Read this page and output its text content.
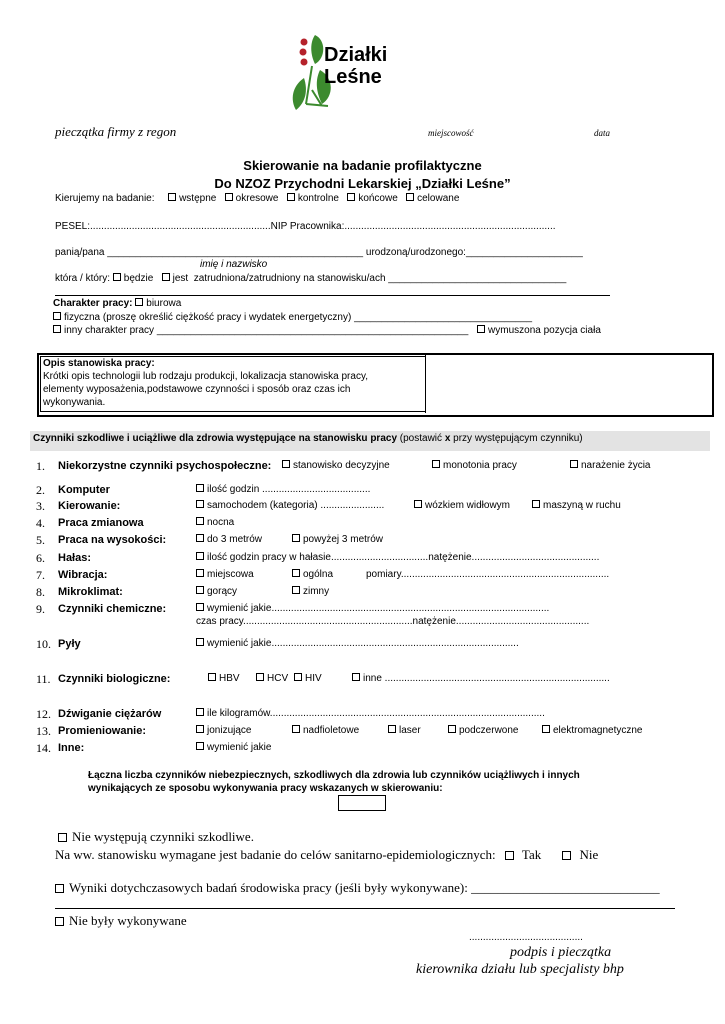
Działki
Leśne
pieczątka firmy z regon	miejscowość	data
Skierowanie na badanie profilaktyczne
Do NZOZ Przychodni Lekarskiej „Działki Leśne”
Kierujemy na badanie: wstępne okresowe kontrolne końcowe celowane
PESEL:.................................................................NIP Pracownika:............................................................................
panią/pana ______________________________________________ urodzoną/urodzonego:_____________________
imię i nazwisko
która / który: będzie jest zatrudniona/zatrudniony na stanowisku/ach ________________________________
Charakter pracy: biurowa
fizyczna (proszę określić ciężkość pracy i wydatek energetyczny) ________________________________
inny charakter pracy ________________________________________________________ wymuszona pozycja ciała
Opis stanowiska pracy:
Krótki opis technologii lub rodzaju produkcji, lokalizacja stanowiska pracy,
elementy wyposażenia,podstawowe czynności i sposób oraz czas ich
wykonywania.
Czynniki szkodliwe i uciążliwe dla zdrowia występujące na stanowisku pracy (postawić x przy występującym czynniku)
1. Niekorzystne czynniki psychospołeczne:	stanowisko decyzyjne	monotonia pracy	narażenie życia
2. Komputer	ilość godzin .......................................
3. Kierowanie:	samochodem (kategoria) .......................	wózkiem widłowym	maszyną w ruchu
4. Praca zmianowa	nocna
5. Praca na wysokości:	do 3 metrów	powyżej 3 metrów
6. Hałas:	ilość godzin pracy w hałasie...................................natężenie..............................................
7. Wibracja:	miejscowa	ogólna	pomiary...........................................................................
8. Mikroklimat:	gorący	zimny
9. Czynniki chemiczne:	wymienić jakie....................................................................................................
czas pracy.............................................................natężenie................................................
10. Pyły	wymienić jakie.........................................................................................
11. Czynniki biologiczne:	HBV	HCV	HIV	inne .................................................................................
12. Dźwiganie ciężarów	ile kilogramów...................................................................................................
13. Promieniowanie:	jonizujące	nadfioletowe	laser	podczerwone	elektromagnetyczne
14. Inne:	wymienić jakie
Łączna liczba czynników niebezpiecznych, szkodliwych dla zdrowia lub czynników uciążliwych i innych
wynikających ze sposobu wykonywania pracy wskazanych w skierowaniu:
Nie występują czynniki szkodliwe.
Na ww. stanowisku wymagane jest badanie do celów sanitarno-epidemiologicznych: Tak	Nie
Wyniki dotychczasowych badań środowiska pracy (jeśli były wykonywane): _____________________________
Nie były wykonywane
.........................................
podpis i pieczątka
kierownika działu lub specjalisty bhp
